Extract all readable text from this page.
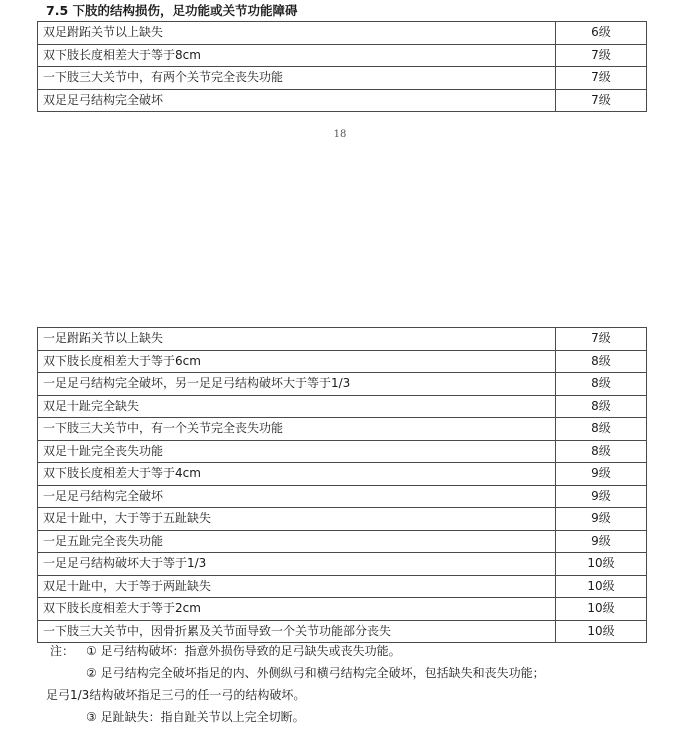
7.5 下肢的结构损伤，足功能或关节功能障碍
双足跗跖关节以上缺失	6级
双下肢长度相差大于等于8cm	7级
一下肢三大关节中，有两个关节完全丧失功能	7级
双足足弓结构完全破坏	7级
18
一足跗跖关节以上缺失	7级
双下肢长度相差大于等于6cm	8级
一足足弓结构完全破坏，另一足足弓结构破坏大于等于1/3	8级
双足十趾完全缺失	8级
一下肢三大关节中，有一个关节完全丧失功能	8级
双足十趾完全丧失功能	8级
双下肢长度相差大于等于4cm	9级
一足足弓结构完全破坏	9级
双足十趾中，大于等于五趾缺失	9级
一足五趾完全丧失功能	9级
一足足弓结构破坏大于等于1/3	10级
双足十趾中，大于等于两趾缺失	10级
双下肢长度相差大于等于2cm	10级
一下肢三大关节中，因骨折累及关节面导致一个关节功能部分丧失	10级
注： ① 足弓结构破坏：指意外损伤导致的足弓缺失或丧失功能。
② 足弓结构完全破坏指足的内、外侧纵弓和横弓结构完全破坏，包括缺失和丧失功能；
足弓1/3结构破坏指足三弓的任一弓的结构破坏。
③ 足趾缺失：指自趾关节以上完全切断。
